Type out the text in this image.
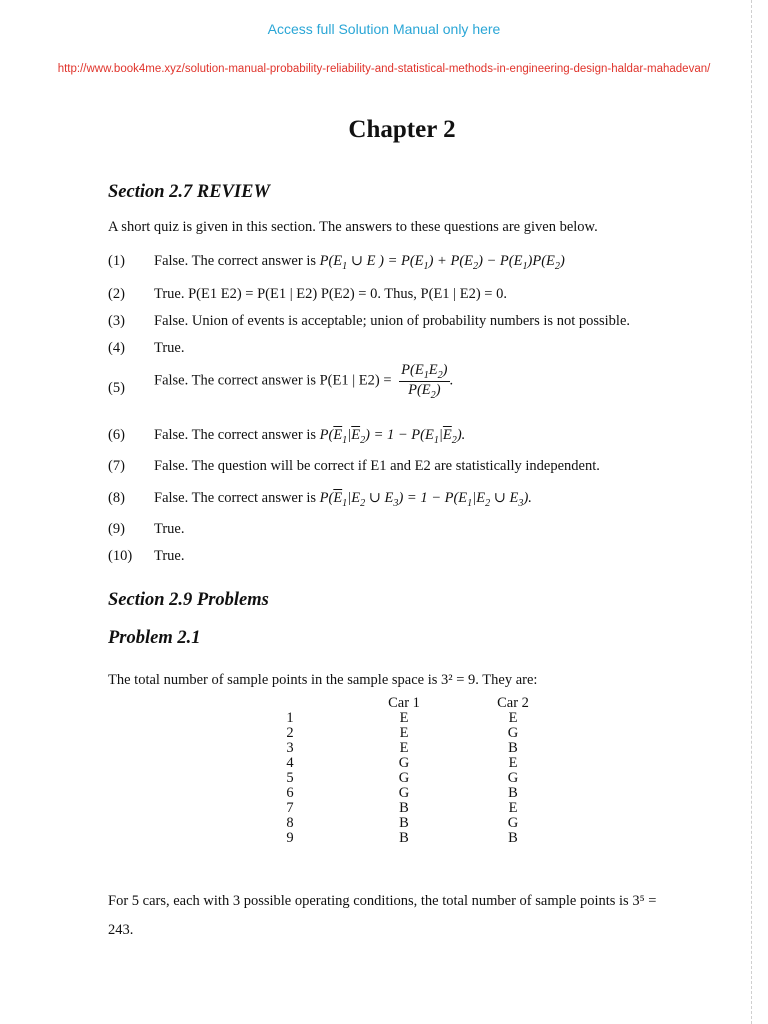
Access full Solution Manual only here
http://www.book4me.xyz/solution-manual-probability-reliability-and-statistical-methods-in-engineering-design-haldar-mahadevan/
Chapter 2
Section 2.7 REVIEW
A short quiz is given in this section. The answers to these questions are given below.
(1) False. The correct answer is $P(E_1$ ∪ E ) = $P(E_1) + P(E_2) - P(E_1)P(E_2)$
(2) True. P(E1 E2) = P(E1 | E2) P(E2) = 0. Thus, P(E1 | E2) = 0.
(3) False. Union of events is acceptable; union of probability numbers is not possible.
(4) True.
(5) False. The correct answer is P(E1 | $E2) = \frac{P(E_1E_2)}{P(E_2)}$ .
(6) False. The correct answer is $P(\overline{E}_1|\overline{E}_2) = 1 - P(E_1|\overline{E}_2)$.
(7) False. The question will be correct if E1 and E2 are statistically independent.
(8) False. The correct answer is $P(\overline{E}_1|E_2$ ∪ $E_3) = 1 - P(E_1|E_2$ ∪ $E_3$).
(9) True.
(10) True.
Section 2.9 Problems
Problem 2.1
The total number of sample points in the sample space is 3² = 9. They are:
	Car 1	Car 2
1	E	E
2	E	G
3	E	B
4	G	E
5	G	G
6	G	B
7	B	E
8	B	G
9	B	B
For 5 cars, each with 3 possible operating conditions, the total number of sample points is 3⁵ =
243.
